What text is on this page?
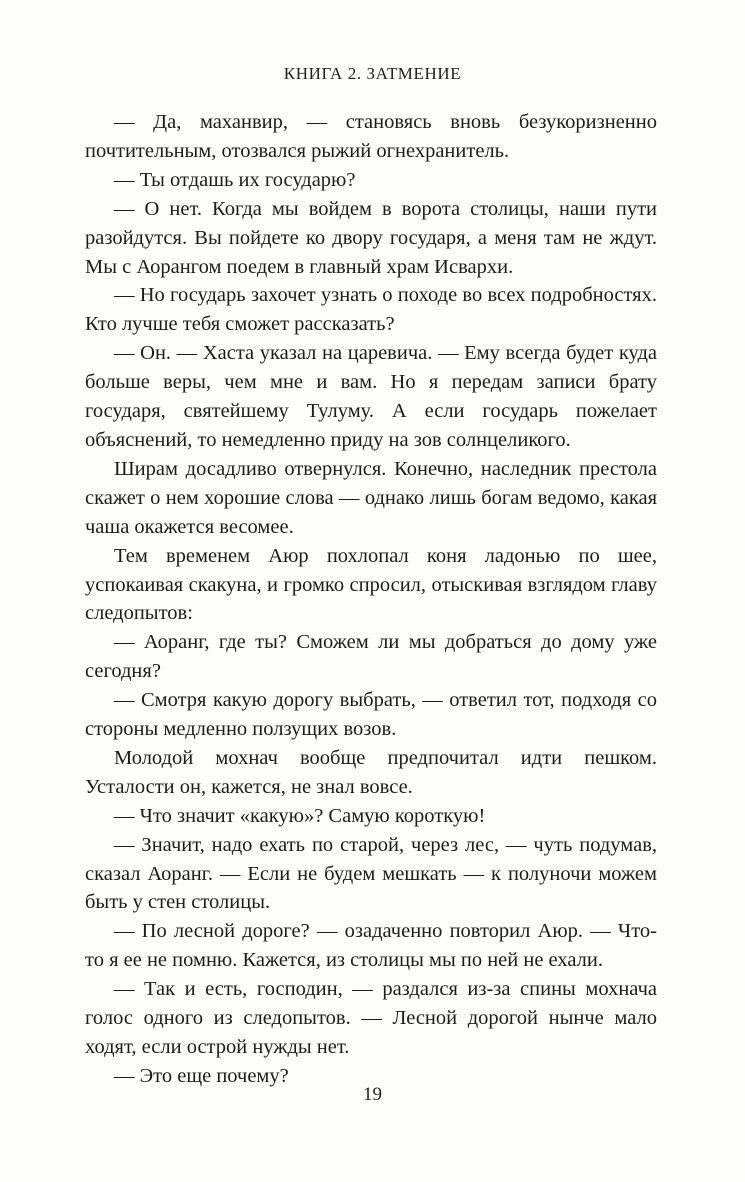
КНИГА 2. ЗАТМЕНИЕ

— Да, маханвир, — становясь вновь безукоризненно почтительным, отозвался рыжий огнехранитель.

— Ты отдашь их государю?

— О нет. Когда мы войдем в ворота столицы, наши пути разойдутся. Вы пойдете ко двору государя, а меня там не ждут. Мы с Аорангом поедем в главный храм Исвархи.

— Но государь захочет узнать о походе во всех подробностях. Кто лучше тебя сможет рассказать?

— Он. — Хаста указал на царевича. — Ему всегда будет куда больше веры, чем мне и вам. Но я передам записи брату государя, святейшему Тулуму. А если государь пожелает объяснений, то немедленно приду на зов солнцеликого.

Ширам досадливо отвернулся. Конечно, наследник престола скажет о нем хорошие слова — однако лишь богам ведомо, какая чаша окажется весомее.

Тем временем Аюр похлопал коня ладонью по шее, успокаивая скакуна, и громко спросил, отыскивая взглядом главу следопытов:

— Аоранг, где ты? Сможем ли мы добраться до дому уже сегодня?

— Смотря какую дорогу выбрать, — ответил тот, подходя со стороны медленно ползущих возов.

Молодой мохнач вообще предпочитал идти пешком. Усталости он, кажется, не знал вовсе.

— Что значит «какую»? Самую короткую!

— Значит, надо ехать по старой, через лес, — чуть подумав, сказал Аоранг. — Если не будем мешкать — к полуночи можем быть у стен столицы.

— По лесной дороге? — озадаченно повторил Аюр. — Что-то я ее не помню. Кажется, из столицы мы по ней не ехали.

— Так и есть, господин, — раздался из-за спины мохнача голос одного из следопытов. — Лесной дорогой нынче мало ходят, если острой нужды нет.

— Это еще почему?

19
